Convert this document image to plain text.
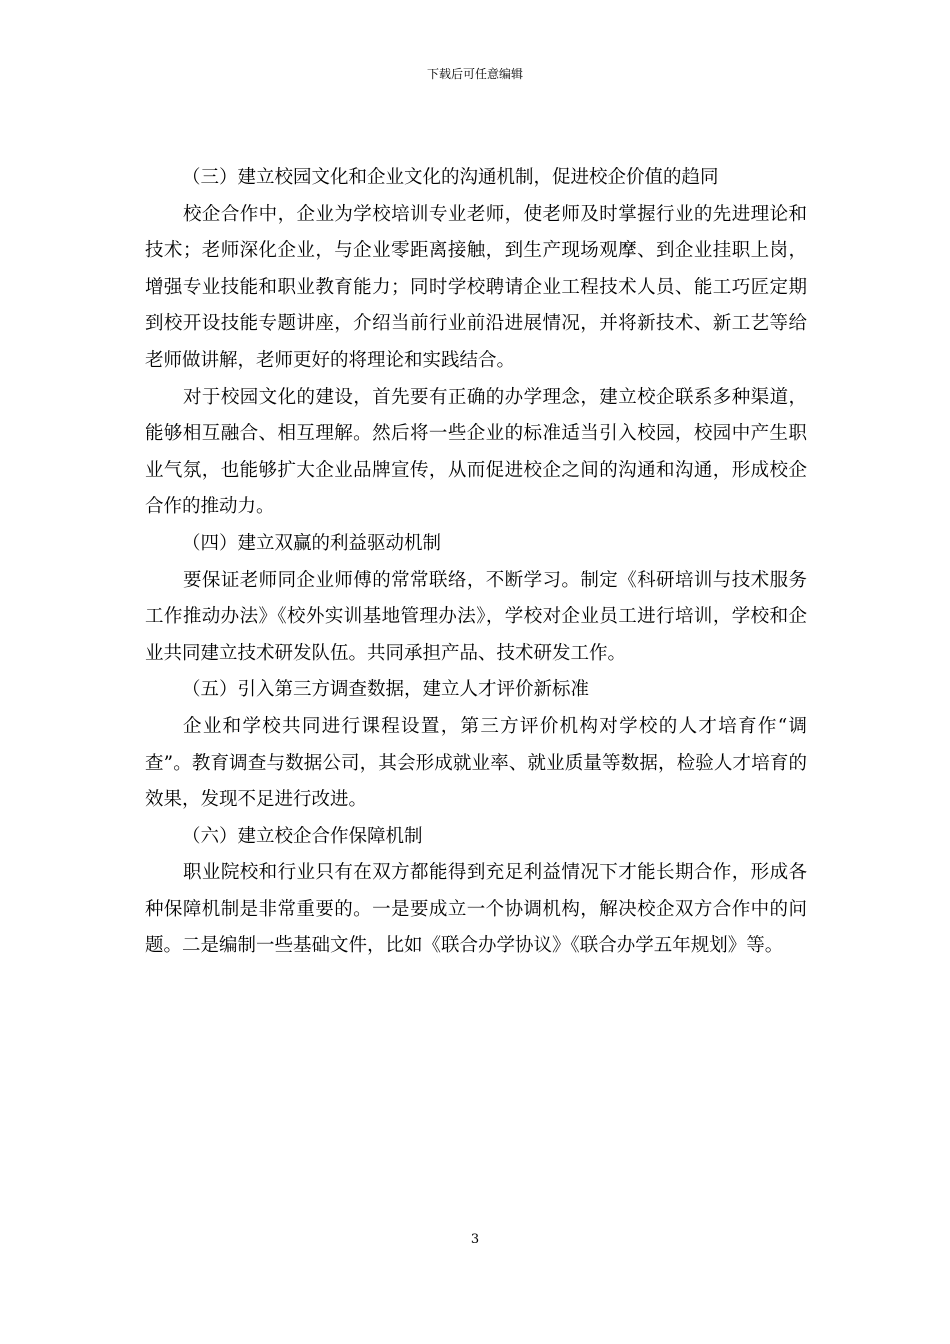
下载后可任意编辑

（三）建立校园文化和企业文化的沟通机制，促进校企价值的趋同

校企合作中，企业为学校培训专业老师，使老师及时掌握行业的先进理论和技术；老师深化企业，与企业零距离接触，到生产现场观摩、到企业挂职上岗，增强专业技能和职业教育能力；同时学校聘请企业工程技术人员、能工巧匠定期到校开设技能专题讲座，介绍当前行业前沿进展情况，并将新技术、新工艺等给老师做讲解，老师更好的将理论和实践结合。

对于校园文化的建设，首先要有正确的办学理念，建立校企联系多种渠道，能够相互融合、相互理解。然后将一些企业的标准适当引入校园，校园中产生职业气氛，也能够扩大企业品牌宣传，从而促进校企之间的沟通和沟通，形成校企合作的推动力。

（四）建立双赢的利益驱动机制

要保证老师同企业师傅的常常联络，不断学习。制定《科研培训与技术服务工作推动办法》《校外实训基地管理办法》，学校对企业员工进行培训，学校和企业共同建立技术研发队伍。共同承担产品、技术研发工作。

（五）引入第三方调查数据，建立人才评价新标准

企业和学校共同进行课程设置，第三方评价机构对学校的人才培育作“调查”。教育调查与数据公司，其会形成就业率、就业质量等数据，检验人才培育的效果，发现不足进行改进。

（六）建立校企合作保障机制

职业院校和行业只有在双方都能得到充足利益情况下才能长期合作，形成各种保障机制是非常重要的。一是要成立一个协调机构，解决校企双方合作中的问题。二是编制一些基础文件，比如《联合办学协议》《联合办学五年规划》等。

3
